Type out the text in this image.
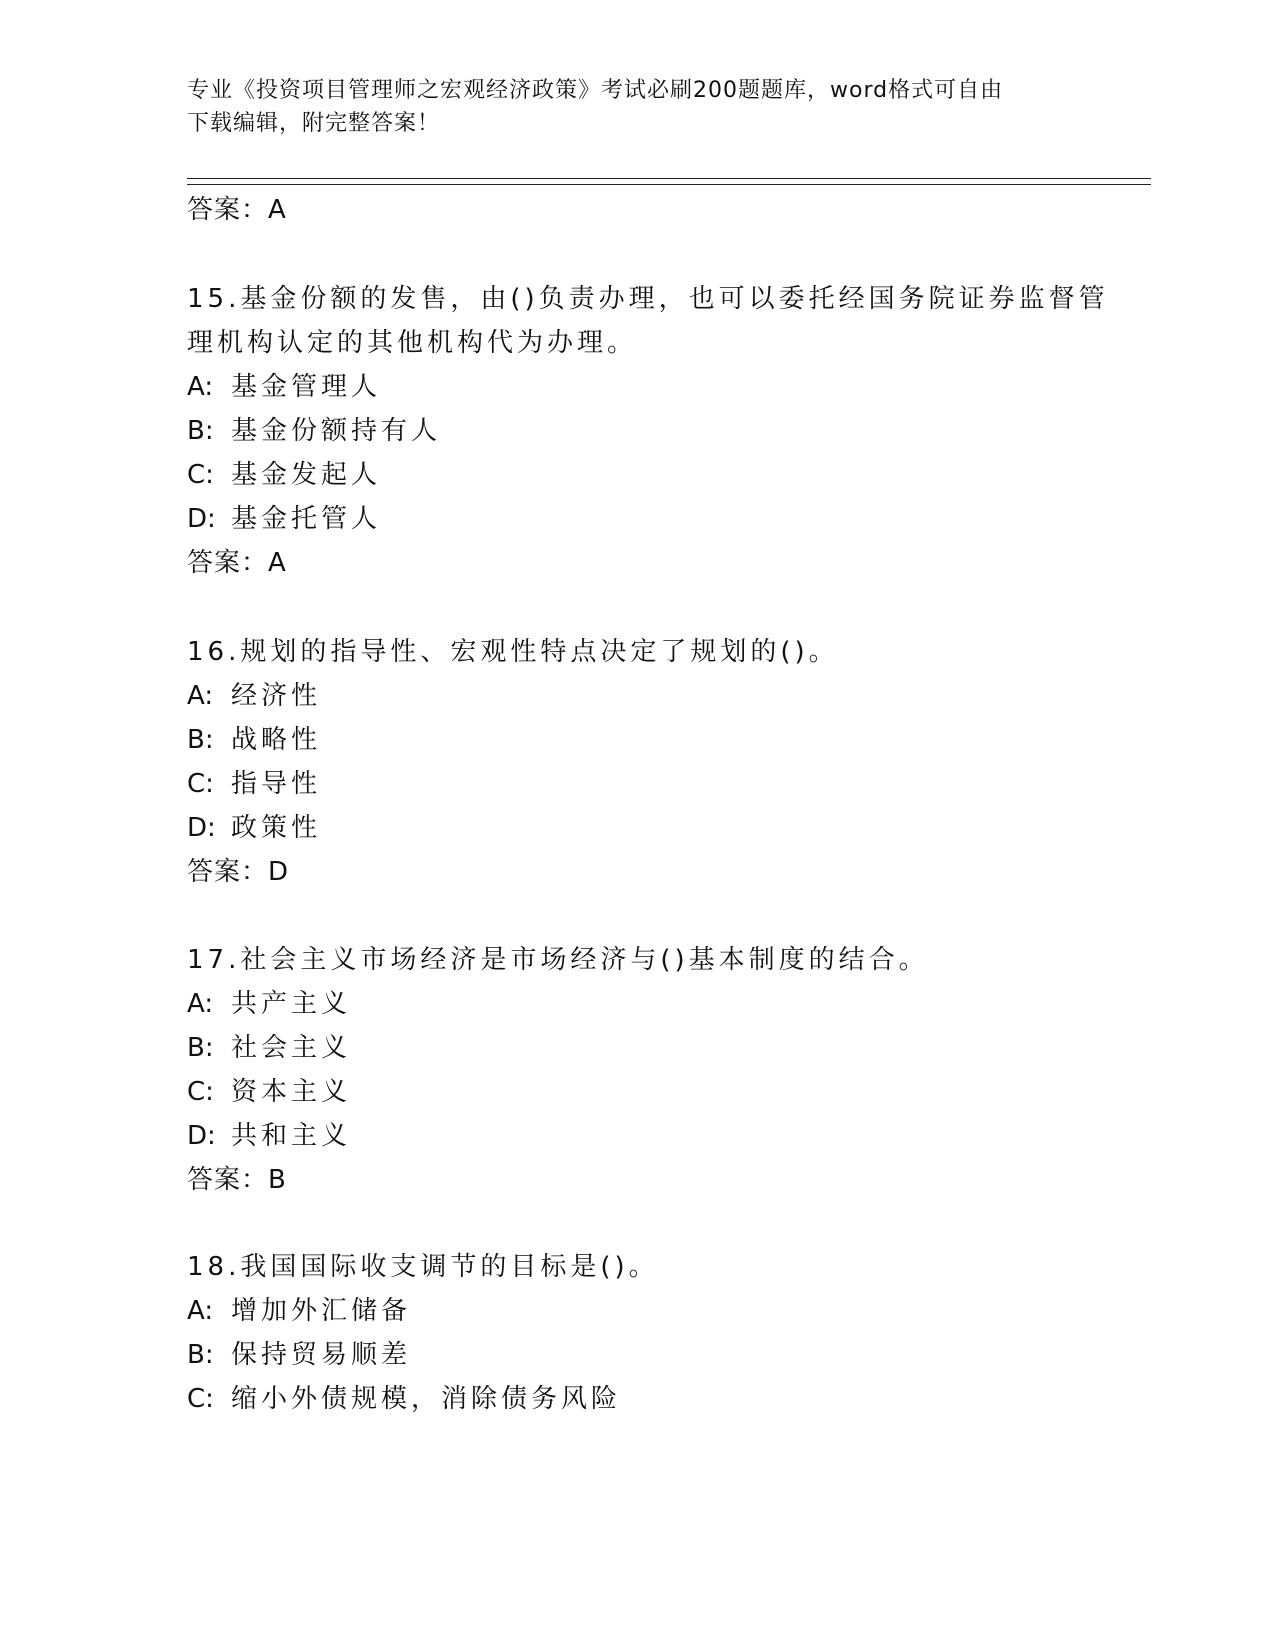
专业《投资项目管理师之宏观经济政策》考试必刷200题题库，word格式可自由
下载编辑，附完整答案！
答案：A
15.基金份额的发售，由()负责办理，也可以委托经国务院证券监督管
理机构认定的其他机构代为办理。
A: 基金管理人
B: 基金份额持有人
C: 基金发起人
D: 基金托管人
答案：A
16.规划的指导性、宏观性特点决定了规划的()。
A: 经济性
B: 战略性
C: 指导性
D: 政策性
答案：D
17.社会主义市场经济是市场经济与()基本制度的结合。
A: 共产主义
B: 社会主义
C: 资本主义
D: 共和主义
答案：B
18.我国国际收支调节的目标是()。
A: 增加外汇储备
B: 保持贸易顺差
C: 缩小外债规模，消除债务风险
